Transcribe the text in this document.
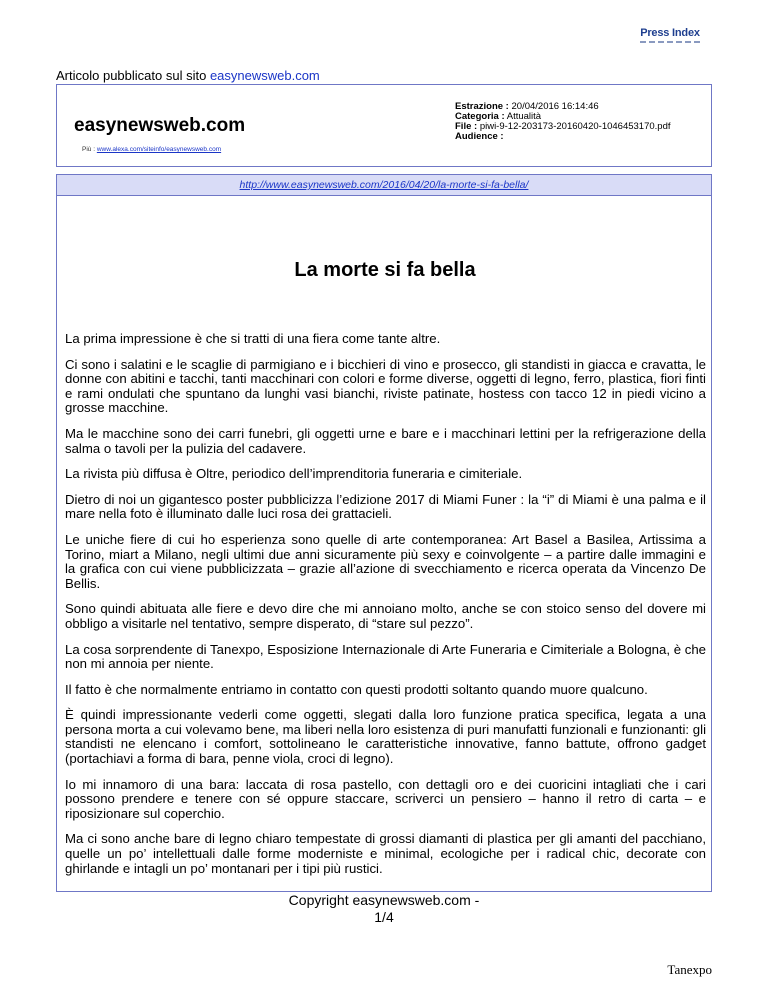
Press Index
Articolo pubblicato sul sito easynewsweb.com
easynewsweb.com
Più : www.alexa.com/siteinfo/easynewsweb.com
Estrazione : 20/04/2016 16:14:46
Categoria : Attualità
File : piwi-9-12-203173-20160420-1046453170.pdf
Audience :
http://www.easynewsweb.com/2016/04/20/la-morte-si-fa-bella/
La morte si fa bella

La prima impressione è che si tratti di una fiera come tante altre.

Ci sono i salatini e le scaglie di parmigiano e i bicchieri di vino e prosecco, gli standisti in giacca e cravatta, le donne con abitini e tacchi, tanti macchinari con colori e forme diverse, oggetti di legno, ferro, plastica, fiori finti e rami ondulati che spuntano da lunghi vasi bianchi, riviste patinate, hostess con tacco 12 in piedi vicino a grosse macchine.

Ma le macchine sono dei carri funebri, gli oggetti urne e bare e i macchinari lettini per la refrigerazione della salma o tavoli per la pulizia del cadavere.

La rivista più diffusa è Oltre, periodico dell’imprenditoria funeraria e cimiteriale.

Dietro di noi un gigantesco poster pubblicizza l’edizione 2017 di Miami Funer : la “i” di Miami è una palma e il mare nella foto è illuminato dalle luci rosa dei grattacieli.

Le uniche fiere di cui ho esperienza sono quelle di arte contemporanea: Art Basel a Basilea, Artissima a Torino, miart a Milano, negli ultimi due anni sicuramente più sexy e coinvolgente – a partire dalle immagini e la grafica con cui viene pubblicizzata – grazie all’azione di svecchiamento e ricerca operata da Vincenzo De Bellis.

Sono quindi abituata alle fiere e devo dire che mi annoiano molto, anche se con stoico senso del dovere mi obbligo a visitarle nel tentativo, sempre disperato, di “stare sul pezzo”.

La cosa sorprendente di Tanexpo, Esposizione Internazionale di Arte Funeraria e Cimiteriale a Bologna, è che non mi annoia per niente.

Il fatto è che normalmente entriamo in contatto con questi prodotti soltanto quando muore qualcuno.

È quindi impressionante vederli come oggetti, slegati dalla loro funzione pratica specifica, legata a una persona morta a cui volevamo bene, ma liberi nella loro esistenza di puri manufatti funzionali e funzionanti: gli standisti ne elencano i comfort, sottolineano le caratteristiche innovative, fanno battute, offrono gadget (portachiavi a forma di bara, penne viola, croci di legno).

Io mi innamoro di una bara: laccata di rosa pastello, con dettagli oro e dei cuoricini intagliati che i cari possono prendere e tenere con sé oppure staccare, scriverci un pensiero – hanno il retro di carta – e riposizionare sul coperchio.

Ma ci sono anche bare di legno chiaro tempestate di grossi diamanti di plastica per gli amanti del pacchiano, quelle un po’ intellettuali dalle forme moderniste e minimal, ecologiche per i radical chic, decorate con ghirlande e intagli un po’ montanari per i tipi più rustici.

Copyright easynewsweb.com -
1/4
Tanexpo
